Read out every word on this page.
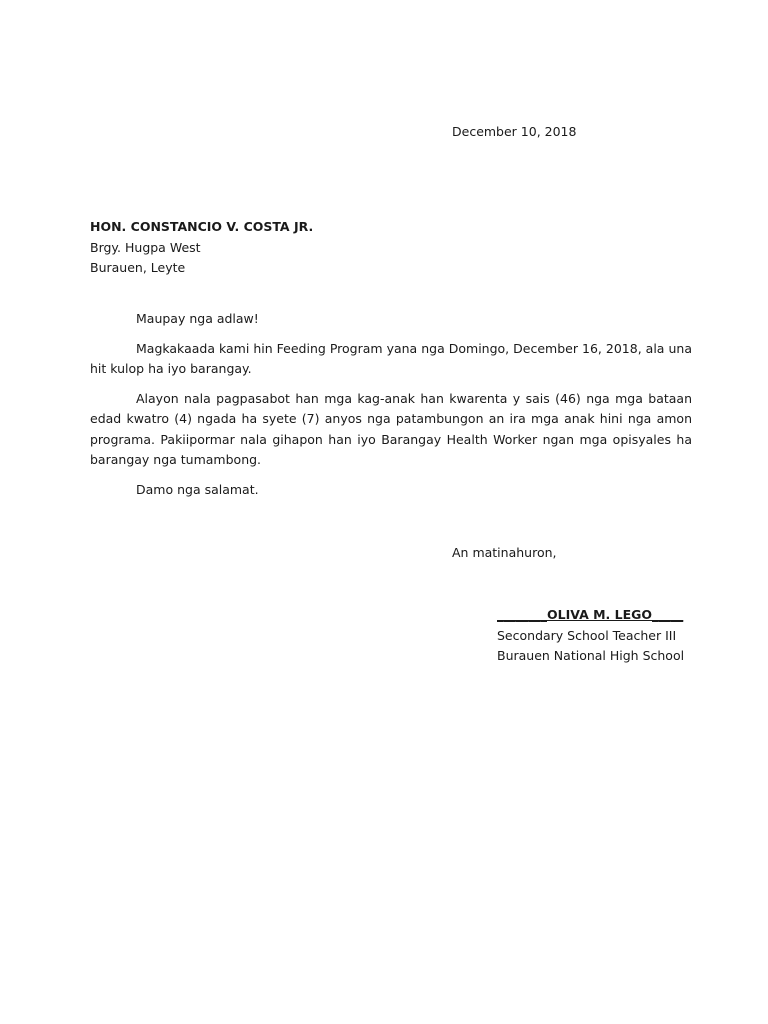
December 10, 2018
HON. CONSTANCIO V. COSTA JR.
Brgy. Hugpa West
Burauen, Leyte

Maupay nga adlaw!

Magkakaada kami hin Feeding Program yana nga Domingo, December 16, 2018, ala una hit kulop ha iyo barangay.

Alayon nala pagpasabot han mga kag-anak han kwarenta y sais (46) nga mga bataan edad kwatro (4) ngada ha syete (7) anyos nga patambungon an ira mga anak hini nga amon programa. Pakiipormar nala gihapon han iyo Barangay Health Worker ngan mga opisyales ha barangay nga tumambong.

Damo nga salamat.

An matinahuron,
________OLIVA M. LEGO_____
Secondary School Teacher III
Burauen National High School
